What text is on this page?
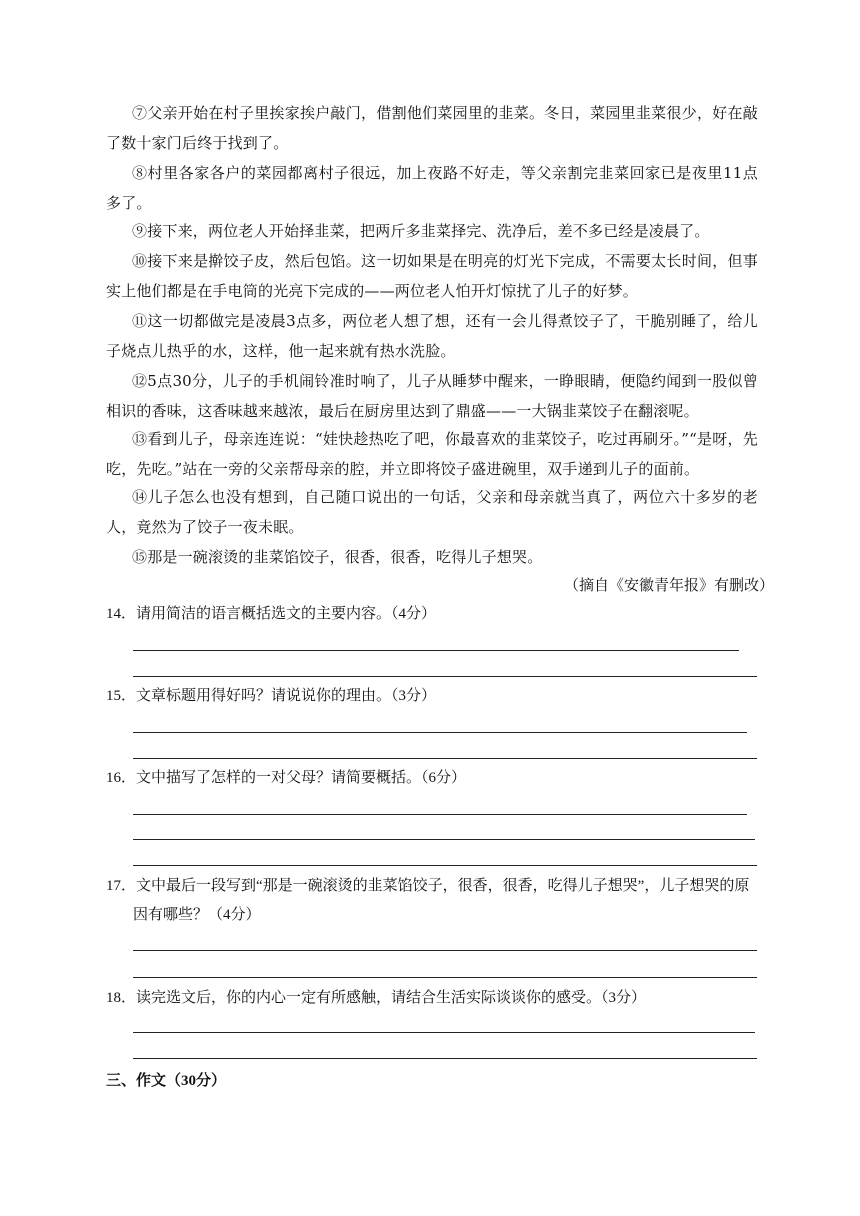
⑦父亲开始在村子里挨家挨户敲门，借割他们菜园里的韭菜。冬日，菜园里韭菜很少，好在敲了数十家门后终于找到了。

⑧村里各家各户的菜园都离村子很远，加上夜路不好走，等父亲割完韭菜回家已是夜里11点多了。

⑨接下来，两位老人开始择韭菜，把两斤多韭菜择完、洗净后，差不多已经是凌晨了。

⑩接下来是擀饺子皮，然后包馅。这一切如果是在明亮的灯光下完成，不需要太长时间，但事实上他们都是在手电筒的光亮下完成的——两位老人怕开灯惊扰了儿子的好梦。

⑪这一切都做完是凌晨3点多，两位老人想了想，还有一会儿得煮饺子了，干脆别睡了，给儿子烧点儿热乎的水，这样，他一起来就有热水洗脸。

⑫5点30分，儿子的手机闹铃准时响了，儿子从睡梦中醒来，一睁眼睛，便隐约闻到一股似曾相识的香味，这香味越来越浓，最后在厨房里达到了鼎盛——一大锅韭菜饺子在翻滚呢。

⑬看到儿子，母亲连连说：“娃快趁热吃了吧，你最喜欢的韭菜饺子，吃过再刷牙。”“是呀，先吃，先吃。”站在一旁的父亲帮母亲的腔，并立即将饺子盛进碗里，双手递到儿子的面前。

⑭儿子怎么也没有想到，自己随口说出的一句话，父亲和母亲就当真了，两位六十多岁的老人，竟然为了饺子一夜未眠。

⑮那是一碗滚烫的韭菜馅饺子，很香，很香，吃得儿子想哭。

（摘自《安徽青年报》有删改）

14．请用简洁的语言概括选文的主要内容。（4分）

15．文章标题用得好吗？请说说你的理由。（3分）

16．文中描写了怎样的一对父母？请简要概括。（6分）

17．文中最后一段写到“那是一碗滚烫的韭菜馅饺子，很香，很香，吃得儿子想哭”，儿子想哭的原
因有哪些？（4分）

18．读完选文后，你的内心一定有所感触，请结合生活实际谈谈你的感受。（3分）

三、作文（30分）
